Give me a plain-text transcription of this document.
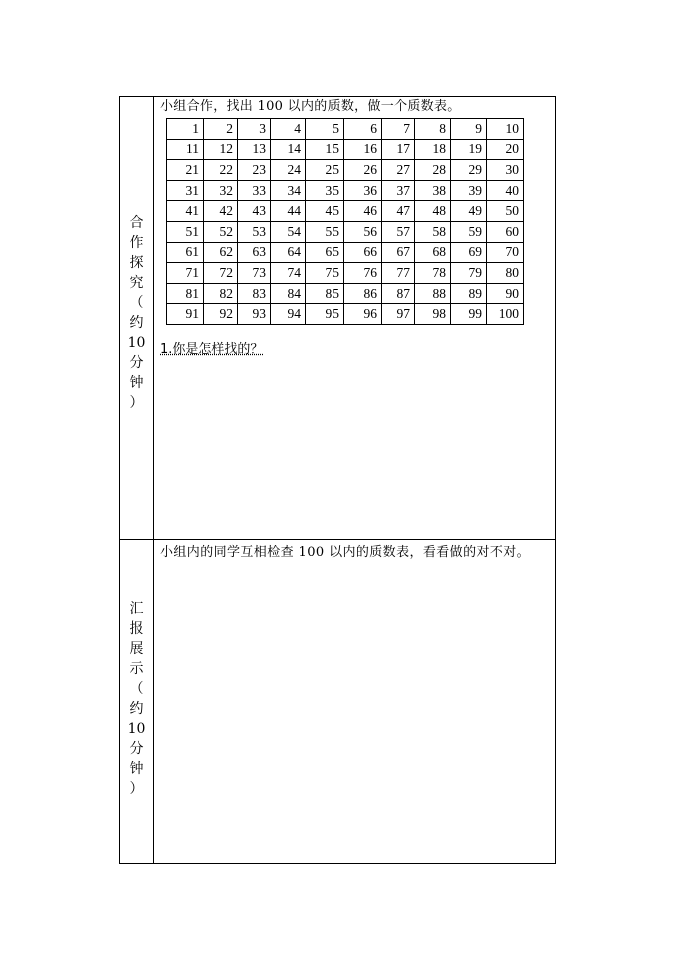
合
作
探
究
（
约
10
分
钟
）
汇
报
展
示
（
约
10
分
钟
）
小组合作，找出 100 以内的质数，做一个质数表。
1	2	3	4	5	6	7	8	9	10
11	12	13	14	15	16	17	18	19	20
21	22	23	24	25	26	27	28	29	30
31	32	33	34	35	36	37	38	39	40
41	42	43	44	45	46	47	48	49	50
51	52	53	54	55	56	57	58	59	60
61	62	63	64	65	66	67	68	69	70
71	72	73	74	75	76	77	78	79	80
81	82	83	84	85	86	87	88	89	90
91	92	93	94	95	96	97	98	99	100
1.你是怎样找的？
小组内的同学互相检查 100 以内的质数表，看看做的对不对。
